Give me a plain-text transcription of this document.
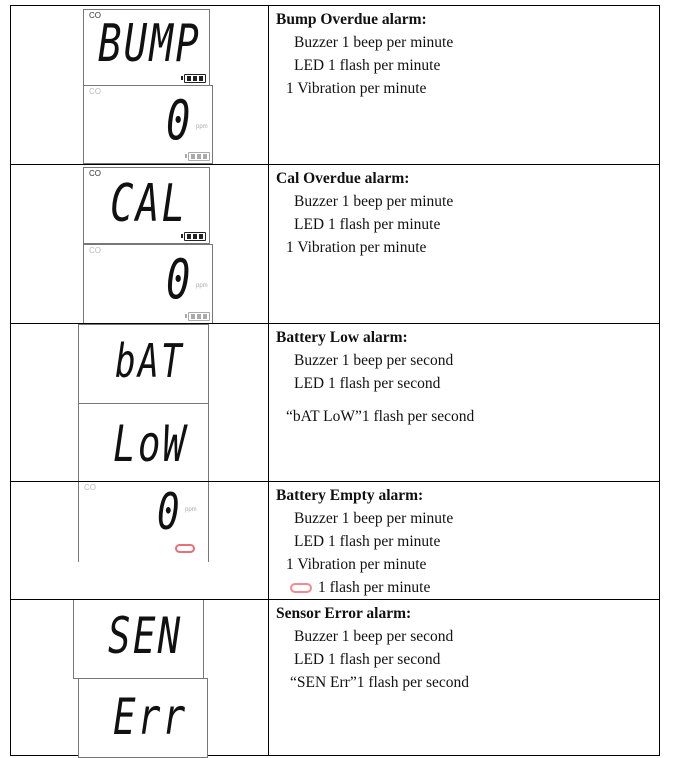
CO
BUMP
CO 0 ppm
Bump Overdue alarm:
Buzzer 1 beep per minute
LED 1 flash per minute
1 Vibration per minute
CO
CAL
CO 0 ppm
Cal Overdue alarm:
Buzzer 1 beep per minute
LED 1 flash per minute
1 Vibration per minute
bAT
LoW
Battery Low alarm:
Buzzer 1 beep per second
LED 1 flash per second
“bAT LoW”1 flash per second
CO 0 ppm
Battery Empty alarm:
Buzzer 1 beep per minute
LED 1 flash per minute
1 Vibration per minute
1 flash per minute
SEN
Err
Sensor Error alarm:
Buzzer 1 beep per second
LED 1 flash per second
“SEN Err”1 flash per second
